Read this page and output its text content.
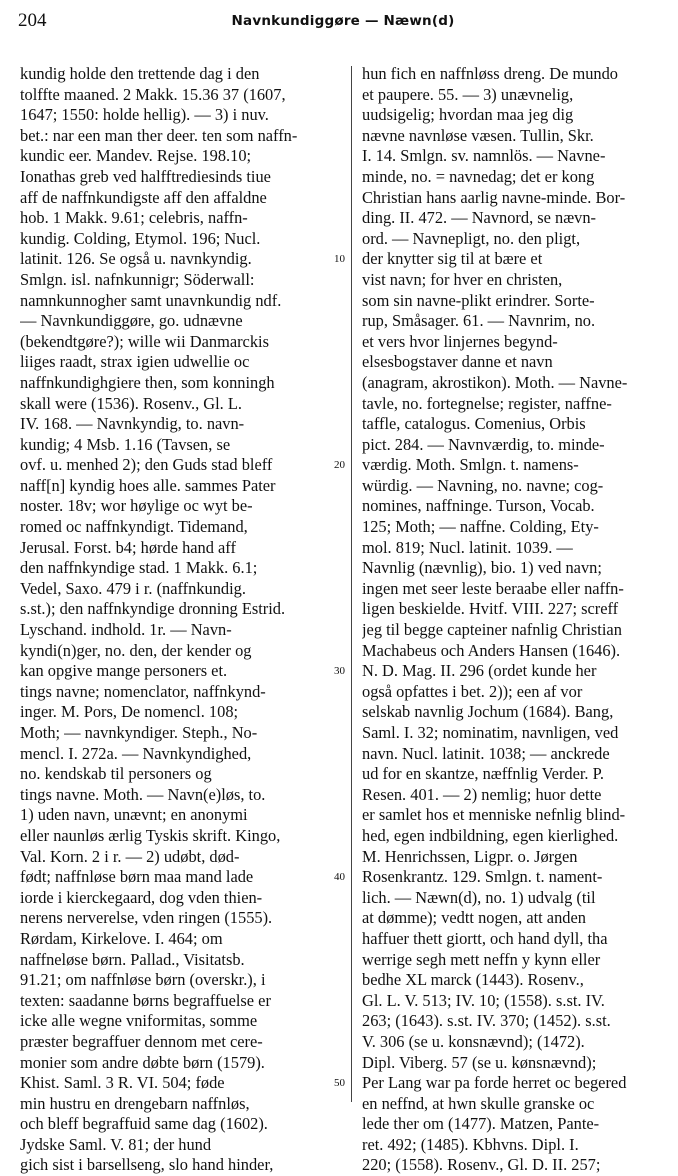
204	Navnkundiggøre — Næwn(d)
kundig holde den trettende dag i den
tolffte maaned. 2 Makk. 15.36 37 (1607,
1647; 1550: holde hellig). — 3) i nuv.
bet.: nar een man ther deer. ten som naffn-
kundic eer. Mandev. Rejse. 198.10;
Ionathas greb ved halfftrediesinds tiue
aff de naffnkundigste aff den affaldne
hob. 1 Makk. 9.61; celebris, naffn-
kundig. Colding, Etymol. 196; Nucl.
latinit. 126. Se også u. navnkyndig.
Smlgn. isl. nafnkunnigr; Söderwall:
namnkunnogher samt unavnkundig ndf.
— Navnkundiggøre, go. udnævne
(bekendtgøre?); wille wii Danmarckis
liiges raadt, strax igien udwellie oc
naffnkundighgiere then, som konningh
skall were (1536). Rosenv., Gl. L.
IV. 168. — Navnkyndig, to. navn-
kundig; 4 Msb. 1.16 (Tavsen, se
ovf. u. menhed 2); den Guds stad bleff
naff[n] kyndig hoes alle. sammes Pater
noster. 18v; wor høylige oc wyt be-
romed oc naffnkyndigt. Tidemand,
Jerusal. Forst. b4; hørde hand aff
den naffnkyndige stad. 1 Makk. 6.1;
Vedel, Saxo. 479 i r. (naffnkundig.
s.st.); den naffnkyndige dronning Estrid.
Lyschand. indhold. 1r. — Navn-
kyndi(n)ger, no. den, der kender og
kan opgive mange personers et.
tings navne; nomenclator, naffnkynd-
inger. M. Pors, De nomencl. 108;
Moth; — navnkyndiger. Steph., No-
mencl. I. 272a. — Navnkyndighed,
no. kendskab til personers og
tings navne. Moth. — Navn(e)løs, to.
1) uden navn, unævnt; en anonymi
eller naunløs ærlig Tyskis skrift. Kingo,
Val. Korn. 2 i r. — 2) udøbt, død-
født; naffnløse børn maa mand lade
iorde i kierckegaard, dog vden thien-
nerens nerverelse, vden ringen (1555).
Rørdam, Kirkelove. I. 464; om
naffneløse børn. Pallad., Visitatsb.
91.21; om naffnløse børn (overskr.), i
texten: saadanne børns begraffuelse er
icke alle wegne vniformitas, somme
præster begraffuer dennom met cere-
monier som andre døbte børn (1579).
Khist. Saml. 3 R. VI. 504; føde
min hustru en drengebarn naffnløs,
och bleff begraffuid same dag (1602).
Jydske Saml. V. 81; der hund
gich sist i barsellseng, slo hand hinder,
10
20
30
40
50
hun fich en naffnløss dreng. De mundo
et paupere. 55. — 3) unævnelig,
uudsigelig; hvordan maa jeg dig
nævne navnløse væsen. Tullin, Skr.
I. 14. Smlgn. sv. namnlös. — Navne-
minde, no. = navnedag; det er kong
Christian hans aarlig navne-minde. Bor-
ding. II. 472. — Navnord, se nævn-
ord. — Navnepligt, no. den pligt,
der knytter sig til at bære et
vist navn; for hver en christen,
som sin navne-plikt erindrer. Sorte-
rup, Småsager. 61. — Navnrim, no.
et vers hvor linjernes begynd-
elsesbogstaver danne et navn
(anagram, akrostikon). Moth. — Navne-
tavle, no. fortegnelse; register, naffne-
taffle, catalogus. Comenius, Orbis
pict. 284. — Navnværdig, to. minde-
værdig. Moth. Smlgn. t. namens-
würdig. — Navning, no. navne; cog-
nomines, naffninge. Turson, Vocab.
125; Moth; — naffne. Colding, Ety-
mol. 819; Nucl. latinit. 1039. —
Navnlig (nævnlig), bio. 1) ved navn;
ingen met seer leste beraabe eller naffn-
ligen beskielde. Hvitf. VIII. 227; screff
jeg til begge capteiner nafnlig Christian
Machabeus och Anders Hansen (1646).
N. D. Mag. II. 296 (ordet kunde her
også opfattes i bet. 2)); een af vor
selskab navnlig Jochum (1684). Bang,
Saml. I. 32; nominatim, navnligen, ved
navn. Nucl. latinit. 1038; — anckrede
ud for en skantze, næffnlig Verder. P.
Resen. 401. — 2) nemlig; huor dette
er samlet hos et menniske nefnlig blind-
hed, egen indbildning, egen kierlighed.
M. Henrichssen, Ligpr. o. Jørgen
Rosenkrantz. 129. Smlgn. t. nament-
lich. — Næwn(d), no. 1) udvalg (til
at dømme); vedtt nogen, att anden
haffuer thett giortt, och hand dyll, tha
werrige segh mett neffn y kynn eller
bedhe XL marck (1443). Rosenv.,
Gl. L. V. 513; IV. 10; (1558). s.st. IV.
263; (1643). s.st. IV. 370; (1452). s.st.
V. 306 (se u. konsnævnd); (1472).
Dipl. Viberg. 57 (se u. kønsnævnd);
Per Lang war pa forde herret oc begered
en neffnd, at hwn skulle granske oc
lede ther om (1477). Matzen, Pante-
ret. 492; (1485). Kbhvns. Dipl. I.
220; (1558). Rosenv., Gl. D. II. 257;
